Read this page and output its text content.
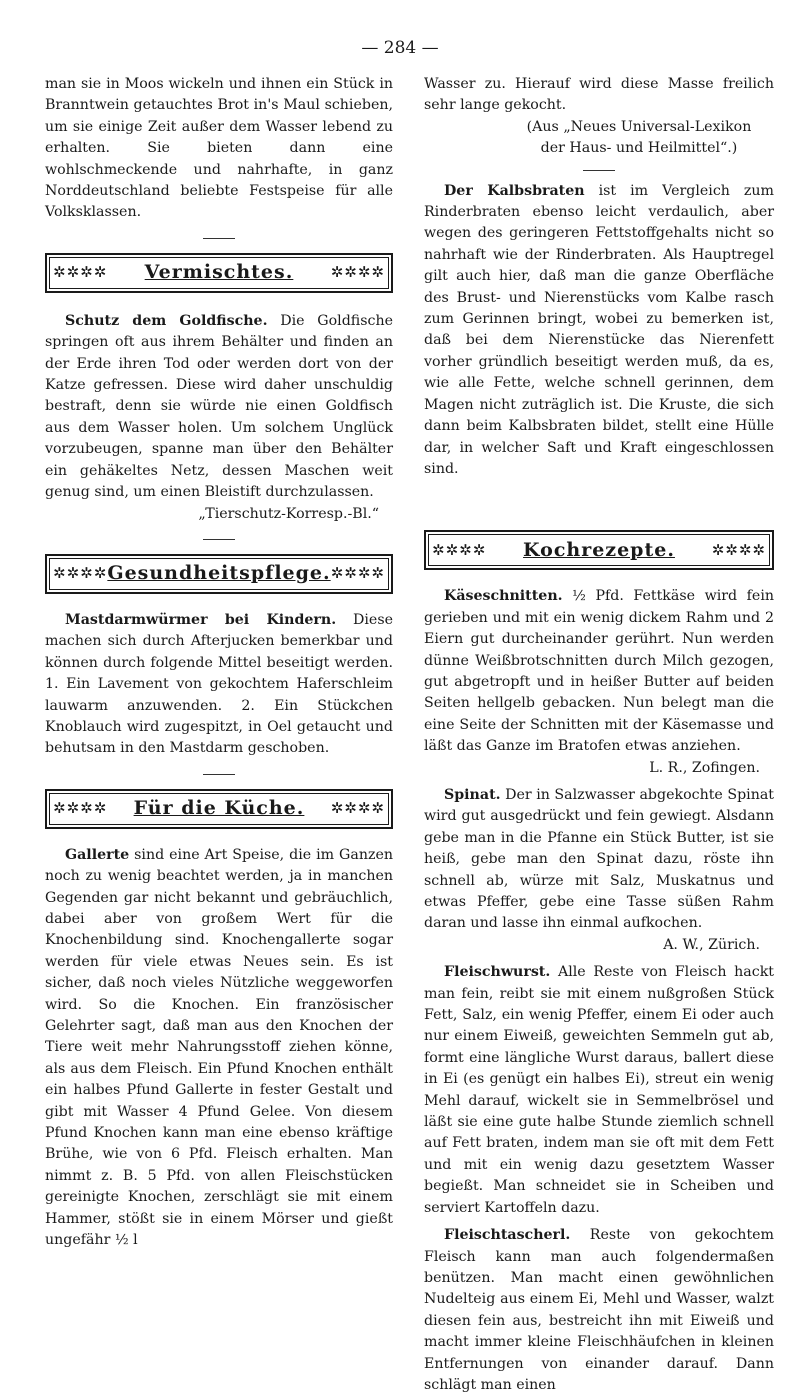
— 284 —

man sie in Moos wickeln und ihnen ein Stück in Branntwein getauchtes Brot in's Maul schieben, um sie einige Zeit außer dem Wasser lebend zu erhalten. Sie bieten dann eine wohlschmeckende und nahrhafte, in ganz Norddeutschland beliebte Festspeise für alle Volksklassen.

✲✲✲✲ Vermischtes. ✲✲✲✲

Schutz dem Goldfische. Die Goldfische springen oft aus ihrem Behälter und finden an der Erde ihren Tod oder werden dort von der Katze gefressen. Diese wird daher unschuldig bestraft, denn sie würde nie einen Goldfisch aus dem Wasser holen. Um solchem Unglück vorzubeugen, spanne man über den Behälter ein gehäkeltes Netz, dessen Maschen weit genug sind, um einen Bleistift durchzulassen.

„Tierschutz-Korresp.-Bl.“

✲✲✲✲ Gesundheitspflege. ✲✲✲✲

Mastdarmwürmer bei Kindern. Diese machen sich durch Afterjucken bemerkbar und können durch folgende Mittel beseitigt werden. 1. Ein Lavement von gekochtem Haferschleim lauwarm anzuwenden. 2. Ein Stückchen Knoblauch wird zugespitzt, in Oel getaucht und behutsam in den Mastdarm geschoben.

✲✲✲✲ Für die Küche. ✲✲✲✲

Gallerte sind eine Art Speise, die im Ganzen noch zu wenig beachtet werden, ja in manchen Gegenden gar nicht bekannt und gebräuchlich, dabei aber von großem Wert für die Knochenbildung sind. Knochengallerte sogar werden für viele etwas Neues sein. Es ist sicher, daß noch vieles Nützliche weggeworfen wird. So die Knochen. Ein französischer Gelehrter sagt, daß man aus den Knochen der Tiere weit mehr Nahrungsstoff ziehen könne, als aus dem Fleisch. Ein Pfund Knochen enthält ein halbes Pfund Gallerte in fester Gestalt und gibt mit Wasser 4 Pfund Gelee. Von diesem Pfund Knochen kann man eine ebenso kräftige Brühe, wie von 6 Pfd. Fleisch erhalten. Man nimmt z. B. 5 Pfd. von allen Fleischstücken gereinigte Knochen, zerschlägt sie mit einem Hammer, stößt sie in einem Mörser und gießt ungefähr ½ l

Wasser zu. Hierauf wird diese Masse freilich sehr lange gekocht.

(Aus „Neues Universal-Lexikon

der Haus- und Heilmittel“.)

Der Kalbsbraten ist im Vergleich zum Rinderbraten ebenso leicht verdaulich, aber wegen des geringeren Fettstoffgehalts nicht so nahrhaft wie der Rinderbraten. Als Hauptregel gilt auch hier, daß man die ganze Oberfläche des Brust- und Nierenstücks vom Kalbe rasch zum Gerinnen bringt, wobei zu bemerken ist, daß bei dem Nierenstücke das Nierenfett vorher gründlich beseitigt werden muß, da es, wie alle Fette, welche schnell gerinnen, dem Magen nicht zuträglich ist. Die Kruste, die sich dann beim Kalbsbraten bildet, stellt eine Hülle dar, in welcher Saft und Kraft eingeschlossen sind.

✲✲✲✲ Kochrezepte. ✲✲✲✲

Käseschnitten. ½ Pfd. Fettkäse wird fein gerieben und mit ein wenig dickem Rahm und 2 Eiern gut durcheinander gerührt. Nun werden dünne Weißbrotschnitten durch Milch gezogen, gut abgetropft und in heißer Butter auf beiden Seiten hellgelb gebacken. Nun belegt man die eine Seite der Schnitten mit der Käsemasse und läßt das Ganze im Bratofen etwas anziehen.

L. R., Zofingen.

Spinat. Der in Salzwasser abgekochte Spinat wird gut ausgedrückt und fein gewiegt. Alsdann gebe man in die Pfanne ein Stück Butter, ist sie heiß, gebe man den Spinat dazu, röste ihn schnell ab, würze mit Salz, Muskatnus und etwas Pfeffer, gebe eine Tasse süßen Rahm daran und lasse ihn einmal aufkochen.

A. W., Zürich.

Fleischwurst. Alle Reste von Fleisch hackt man fein, reibt sie mit einem nußgroßen Stück Fett, Salz, ein wenig Pfeffer, einem Ei oder auch nur einem Eiweiß, geweichten Semmeln gut ab, formt eine längliche Wurst daraus, ballert diese in Ei (es genügt ein halbes Ei), streut ein wenig Mehl darauf, wickelt sie in Semmelbrösel und läßt sie eine gute halbe Stunde ziemlich schnell auf Fett braten, indem man sie oft mit dem Fett und mit ein wenig dazu gesetztem Wasser begießt. Man schneidet sie in Scheiben und serviert Kartoffeln dazu.

Fleischtascherl. Reste von gekochtem Fleisch kann man auch folgendermaßen benützen. Man macht einen gewöhnlichen Nudelteig aus einem Ei, Mehl und Wasser, walzt diesen fein aus, bestreicht ihn mit Eiweiß und macht immer kleine Fleischhäufchen in kleinen Entfernungen von einander darauf. Dann schlägt man einen
